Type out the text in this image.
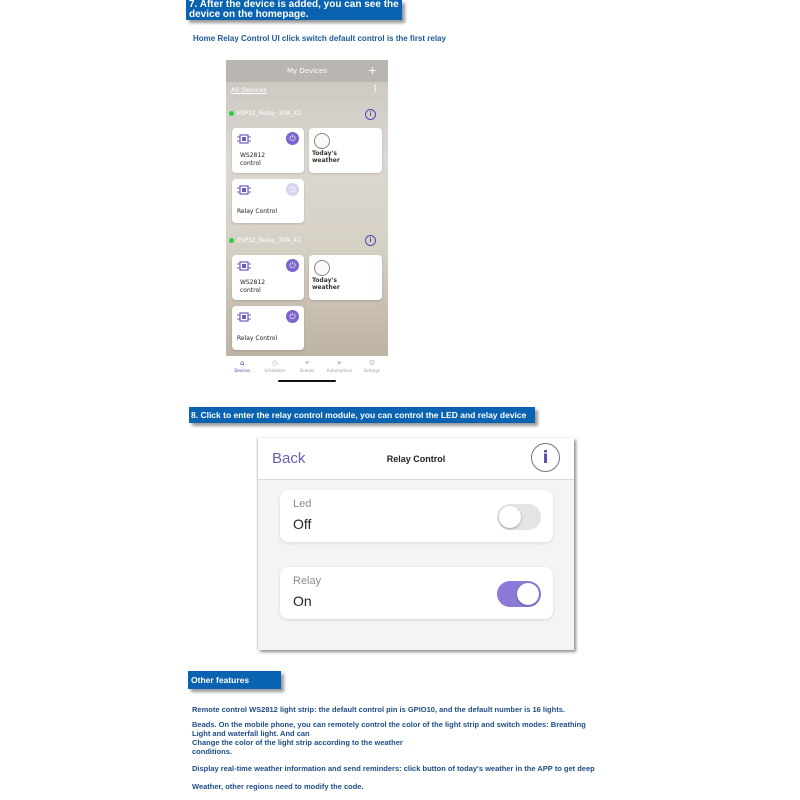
7. After the device is added, you can see the
device on the homepage.
Home Relay Control UI click switch default control is the first relay
My Devices	+
All Devices	⋮
ESP32_Relay_30A_X2	i
⏻
WS2812
control
Today's
weather
⏻
Relay Control
ESP32_Relay_30A_X1	i
⏻
WS2812
control
Today's
weather
⏻
Relay Control
⌂
Devices
◷
Schedules
✦
Scenes
➤
Automations
⚙
Settings
8. Click to enter the relay control module, you can control the LED and relay device
Back	Relay Control	i
Led
Off
Relay
On
Other features
Remote control WS2812 light strip: the default control pin is GPIO10, and the default number is 16 lights.
Beads. On the mobile phone, you can remotely control the color of the light strip and switch modes: Breathing
Light and waterfall light. And can
Change the color of the light strip according to the weather
conditions.
Display real-time weather information and send reminders: click button of today's weather in the APP to get deep
Weather, other regions need to modify the code.
